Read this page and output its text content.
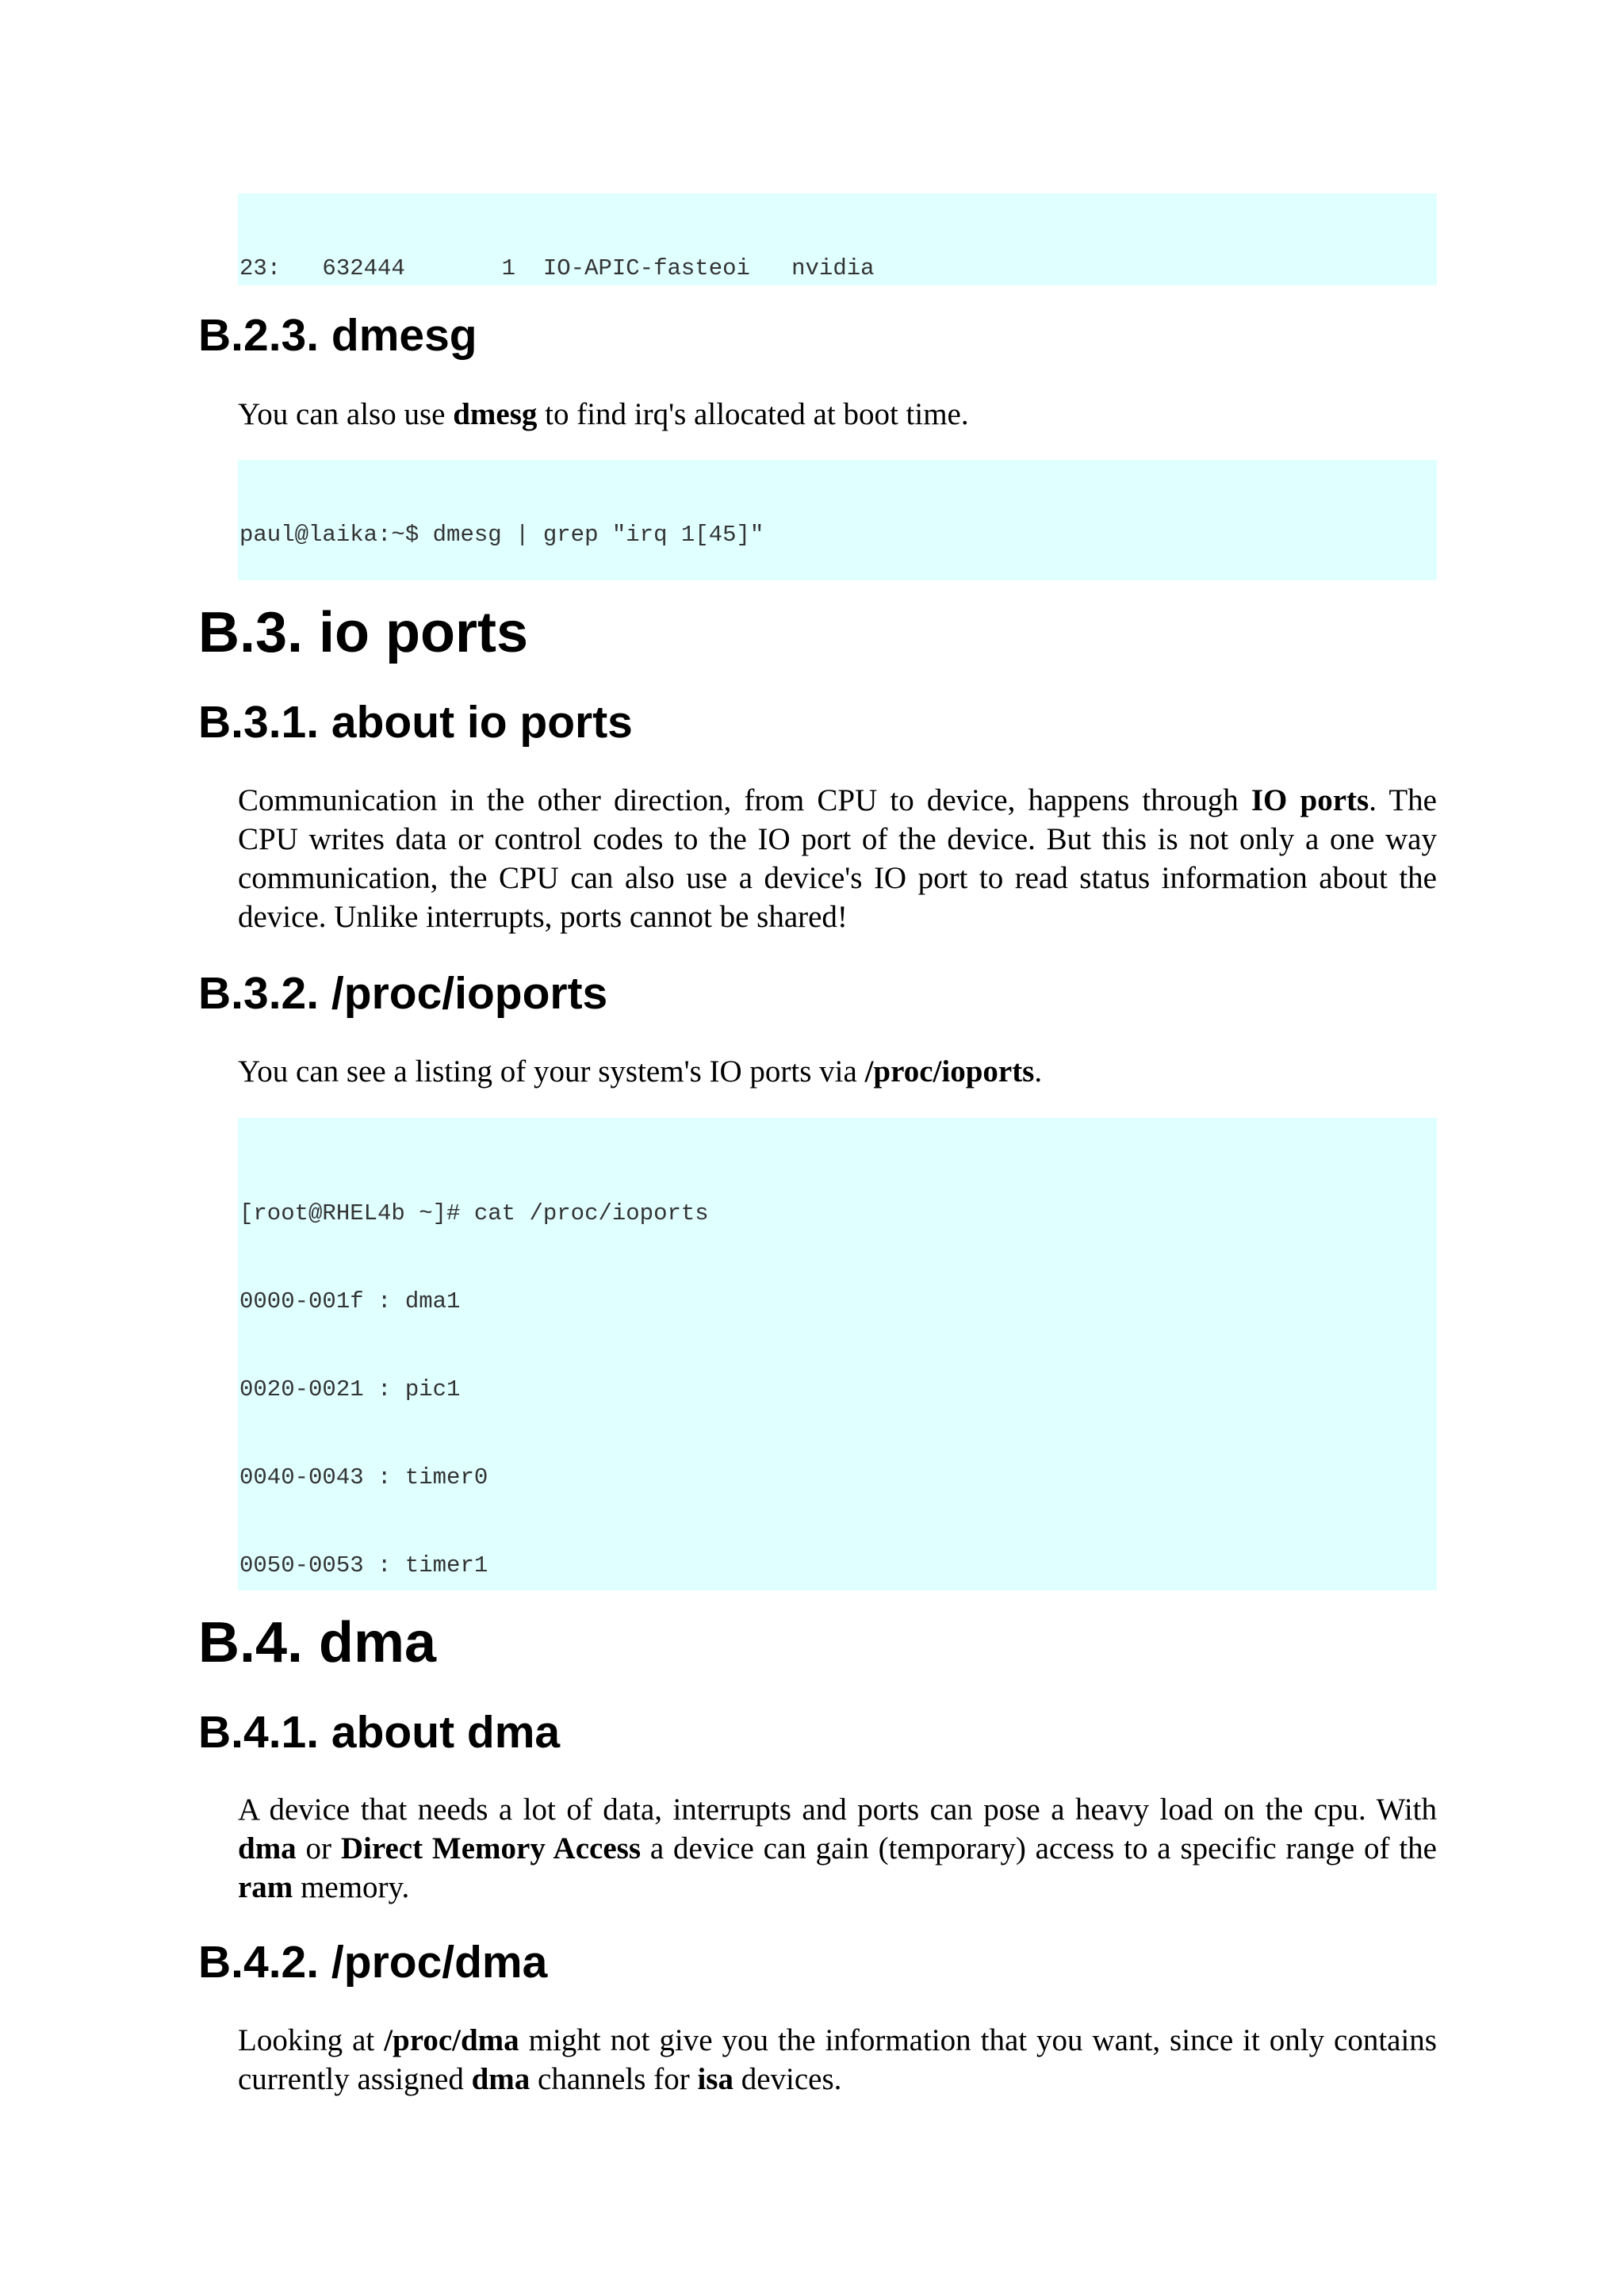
23:   632444       1  IO-APIC-fasteoi   nvidia

B.2.3. dmesg

You can also use dmesg to find irq's allocated at boot time.

paul@laika:~$ dmesg | grep "irq 1[45]"

B.3. io ports
B.3.1. about io ports

Communication in the other direction, from CPU to device, happens through IO ports. The CPU writes data or control codes to the IO port of the device. But this is not only a one way communication, the CPU can also use a device's IO port to read status information about the device. Unlike interrupts, ports cannot be shared!

B.3.2. /proc/ioports

You can see a listing of your system's IO ports via /proc/ioports.

[root@RHEL4b ~]# cat /proc/ioports

0000-001f : dma1

0020-0021 : pic1

0040-0043 : timer0

0050-0053 : timer1

B.4. dma
B.4.1. about dma

A device that needs a lot of data, interrupts and ports can pose a heavy load on the cpu. With dma or Direct Memory Access a device can gain (temporary) access to a specific range of the ram memory.

B.4.2. /proc/dma

Looking at /proc/dma might not give you the information that you want, since it only contains currently assigned dma channels for isa devices.
